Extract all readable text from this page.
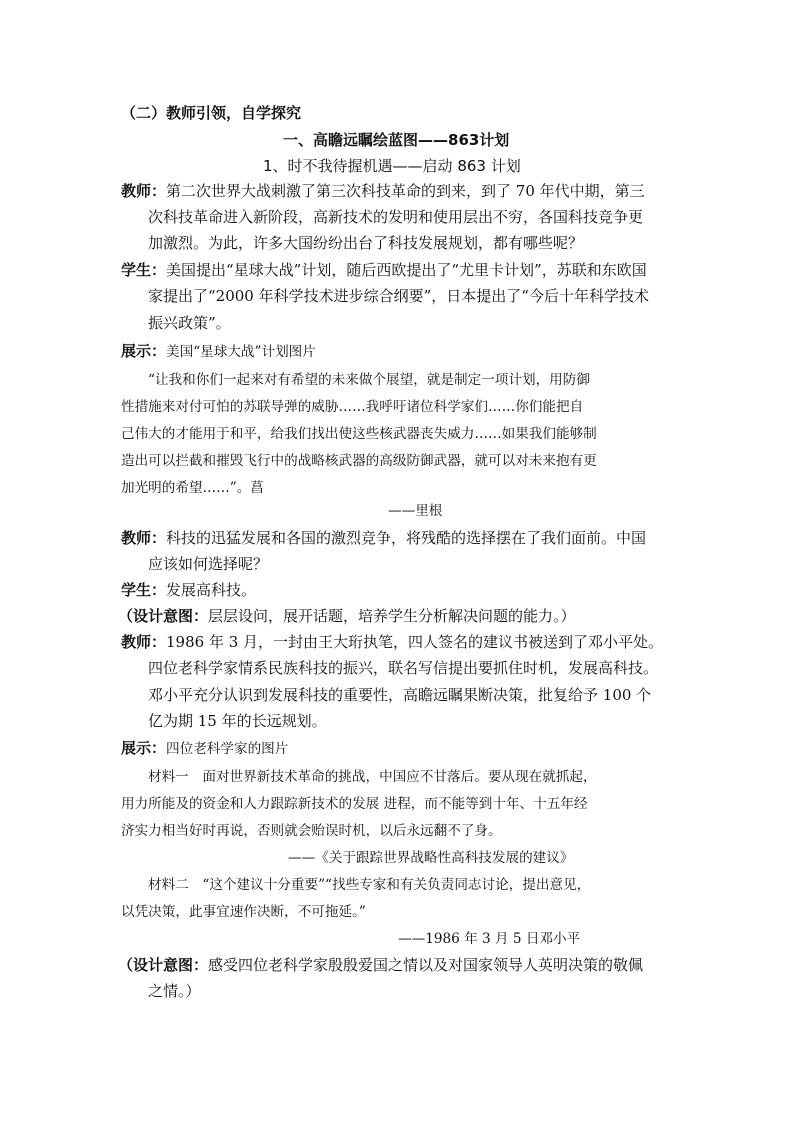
（二）教师引领，自学探究
一、高瞻远瞩绘蓝图——863计划
1、时不我待握机遇——启动 863 计划
教师：第二次世界大战刺激了第三次科技革命的到来，到了 70 年代中期，第三
次科技革命进入新阶段，高新技术的发明和使用层出不穷，各国科技竞争更
加激烈。为此，许多大国纷纷出台了科技发展规划，都有哪些呢？
学生：美国提出“星球大战”计划，随后西欧提出了“尤里卡计划”，苏联和东欧国
家提出了“2000 年科学技术进步综合纲要”，日本提出了“今后十年科学技术
振兴政策”。
展示：美国“星球大战”计划图片
“让我和你们一起来对有希望的未来做个展望，就是制定一项计划，用防御
性措施来对付可怕的苏联导弹的威胁……我呼吁诸位科学家们……你们能把自
己伟大的才能用于和平，给我们找出使这些核武器丧失威力……如果我们能够制
造出可以拦截和摧毁飞行中的战略核武器的高级防御武器，就可以对未来抱有更
加光明的希望……”。菖
——里根
教师：科技的迅猛发展和各国的激烈竞争，将残酷的选择摆在了我们面前。中国
应该如何选择呢？
学生：发展高科技。
（设计意图：层层设问，展开话题，培养学生分析解决问题的能力。）
教师：1986 年 3 月，一封由王大珩执笔，四人签名的建议书被送到了邓小平处。
四位老科学家情系民族科技的振兴，联名写信提出要抓住时机，发展高科技。
邓小平充分认识到发展科技的重要性，高瞻远瞩果断决策，批复给予 100 个
亿为期 15 年的长远规划。
展示：四位老科学家的图片
材料一　面对世界新技术革命的挑战，中国应不甘落后。要从现在就抓起，
用力所能及的资金和人力跟踪新技术的发展 进程，而不能等到十年、十五年经
济实力相当好时再说，否则就会贻误时机，以后永远翻不了身。
——《关于跟踪世界战略性高科技发展的建议》
材料二　“这个建议十分重要”“找些专家和有关负责同志讨论，提出意见，
以凭决策，此事宜速作决断，不可拖延。”
——1986 年 3 月 5 日邓小平
（设计意图：感受四位老科学家殷殷爱国之情以及对国家领导人英明决策的敬佩
之情。）
